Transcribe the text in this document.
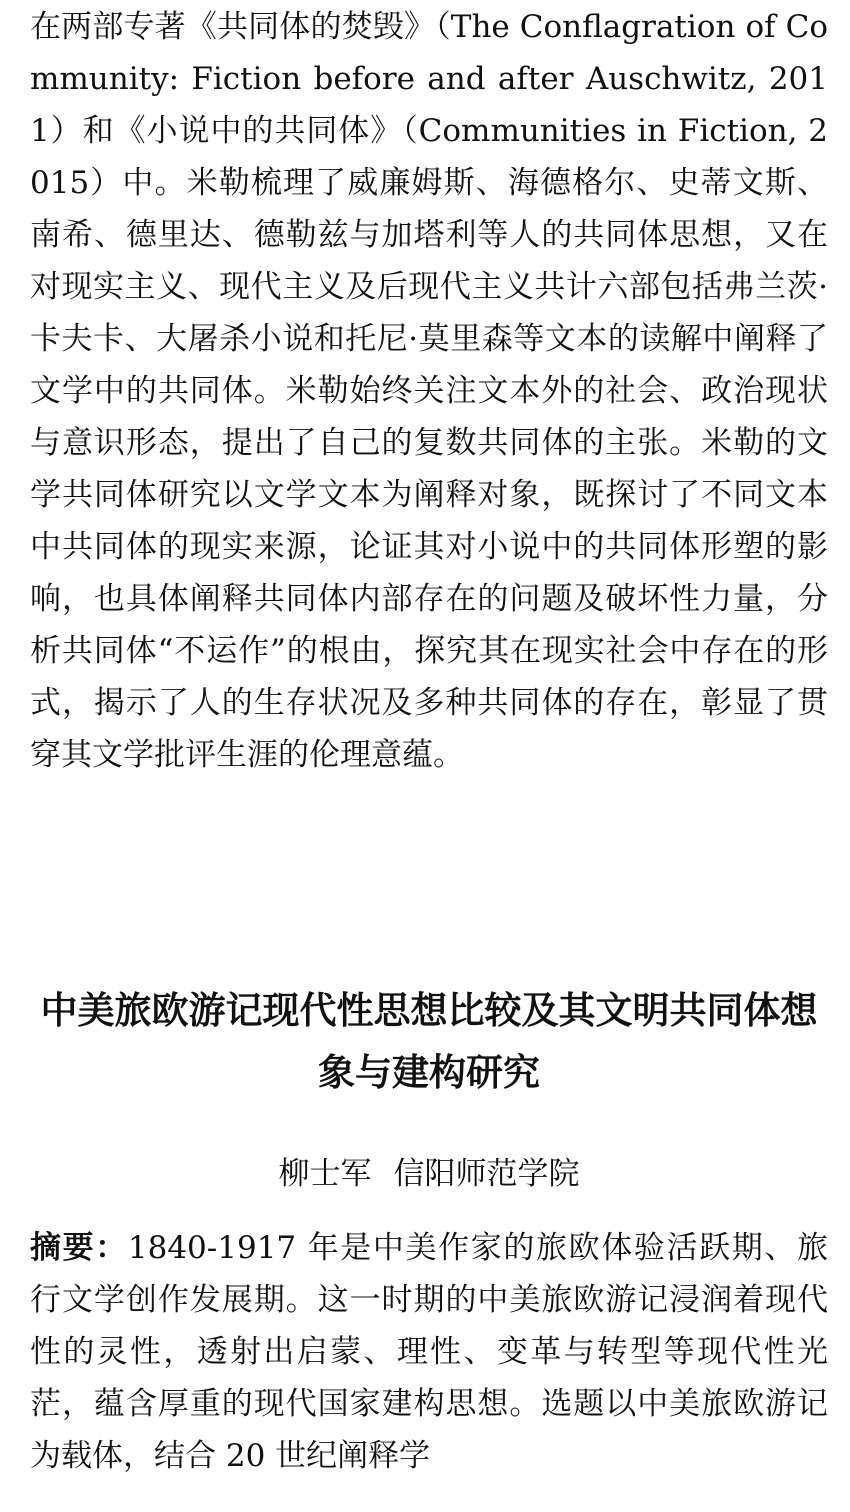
在两部专著《共同体的焚毁》（The Conflagration of Community: Fiction before and after Auschwitz, 2011）和《小说中的共同体》（Communities in Fiction, 2015）中。米勒梳理了威廉姆斯、海德格尔、史蒂文斯、南希、德里达、德勒兹与加塔利等人的共同体思想，又在对现实主义、现代主义及后现代主义共计六部包括弗兰茨·卡夫卡、大屠杀小说和托尼·莫里森等文本的读解中阐释了文学中的共同体。米勒始终关注文本外的社会、政治现状与意识形态，提出了自己的复数共同体的主张。米勒的文学共同体研究以文学文本为阐释对象，既探讨了不同文本中共同体的现实来源，论证其对小说中的共同体形塑的影响，也具体阐释共同体内部存在的问题及破坏性力量，分析共同体“不运作”的根由，探究其在现实社会中存在的形式，揭示了人的生存状况及多种共同体的存在，彰显了贯穿其文学批评生涯的伦理意蕴。

中美旅欧游记现代性思想比较及其文明共同体想象与建构研究

柳士军 信阳师范学院

摘要：1840-1917 年是中美作家的旅欧体验活跃期、旅行文学创作发展期。这一时期的中美旅欧游记浸润着现代性的灵性，透射出启蒙、理性、变革与转型等现代性光茫，蕴含厚重的现代国家建构思想。选题以中美旅欧游记为载体，结合 20 世纪阐释学
